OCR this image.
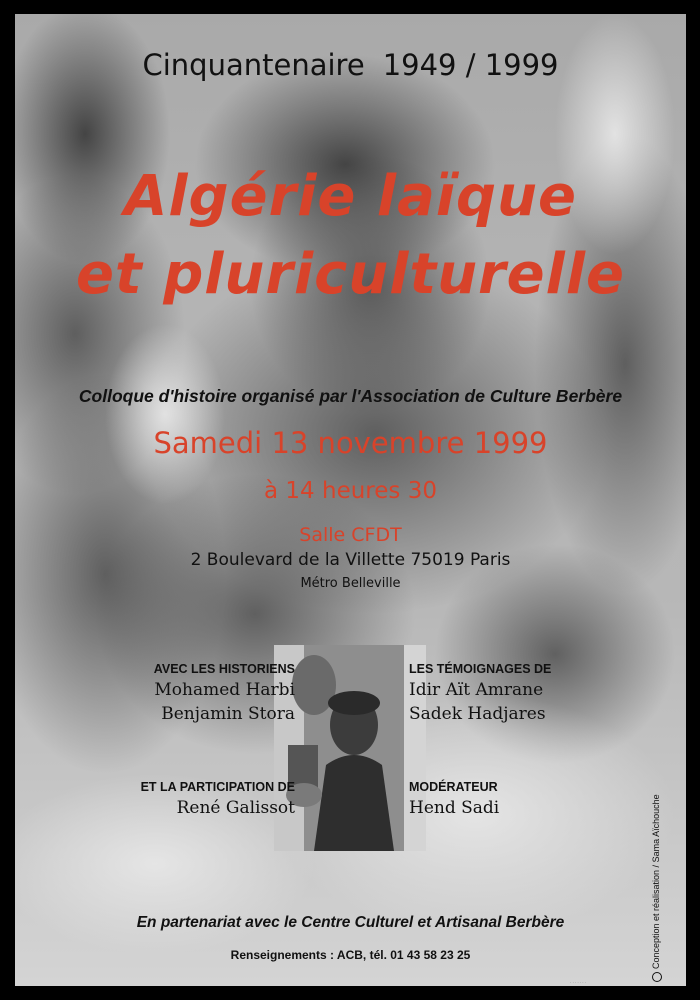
Cinquantenaire 1949 / 1999
Algérie laïque
et pluriculturelle
Colloque d'histoire organisé par l'Association de Culture Berbère
Samedi 13 novembre 1999
à 14 heures 30
Salle CFDT
2 Boulevard de la Villette 75019 Paris
Métro Belleville
AVEC LES HISTORIENS
Mohamed Harbi
Benjamin Stora
LES TÉMOIGNAGES DE
Idir Aït Amrane
Sadek Hadjares
ET LA PARTICIPATION DE
René Galissot
MODÉRATEUR
Hend Sadi
En partenariat avec le Centre Culturel et Artisanal Berbère
Renseignements : ACB, tél. 01 43 58 23 25	Conception et réalisation / Sama Aïchouche
· · · · · · ·
